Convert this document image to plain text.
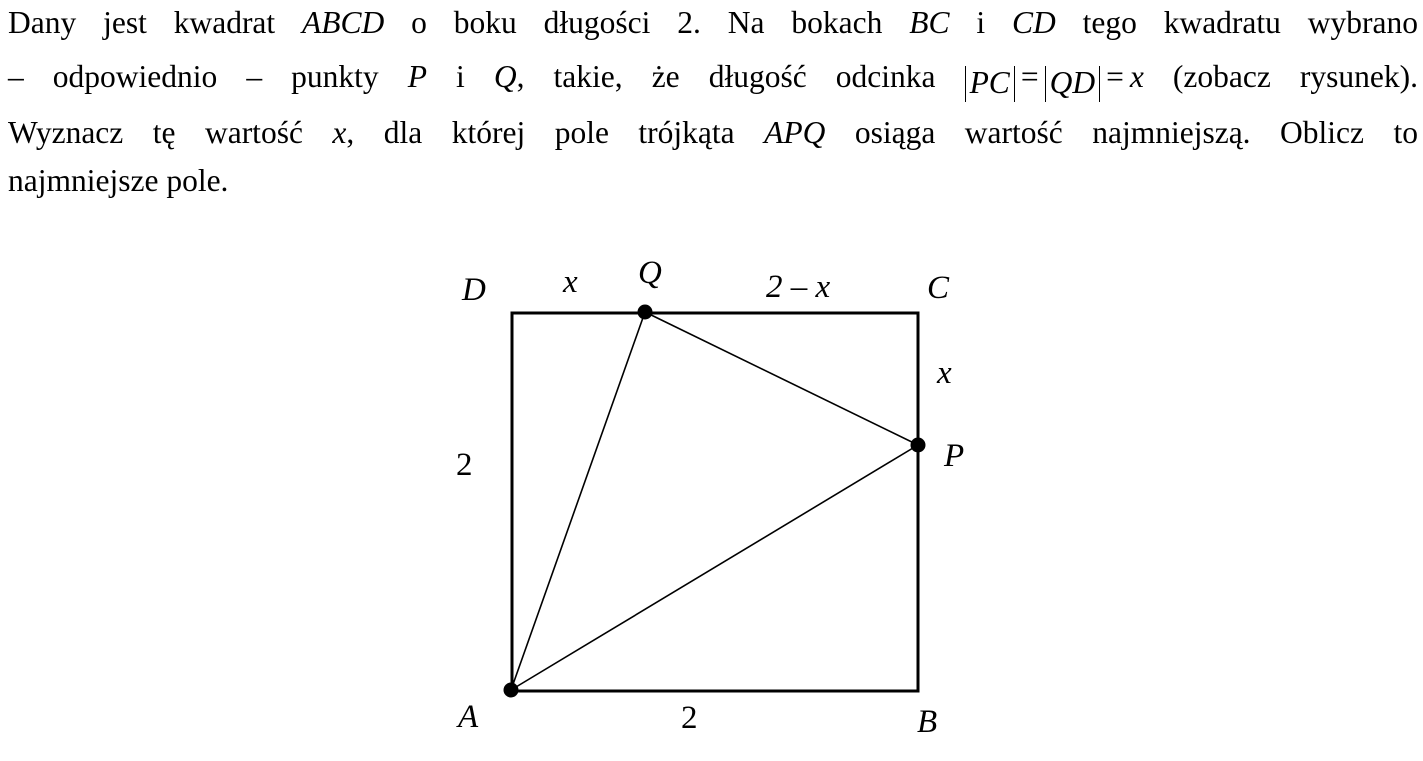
Dany jest kwadrat ABCD o boku długości 2. Na bokach BC i CD tego kwadratu wybrano
– odpowiednio – punkty P i Q, takie, że długość odcinka PC = QD = x (zobacz rysunek).
Wyznacz tę wartość x, dla której pole trójkąta APQ osiąga wartość najmniejszą. Oblicz to
najmniejsze pole.
D x Q	2 – x	C
x
P
2
A	2	B
